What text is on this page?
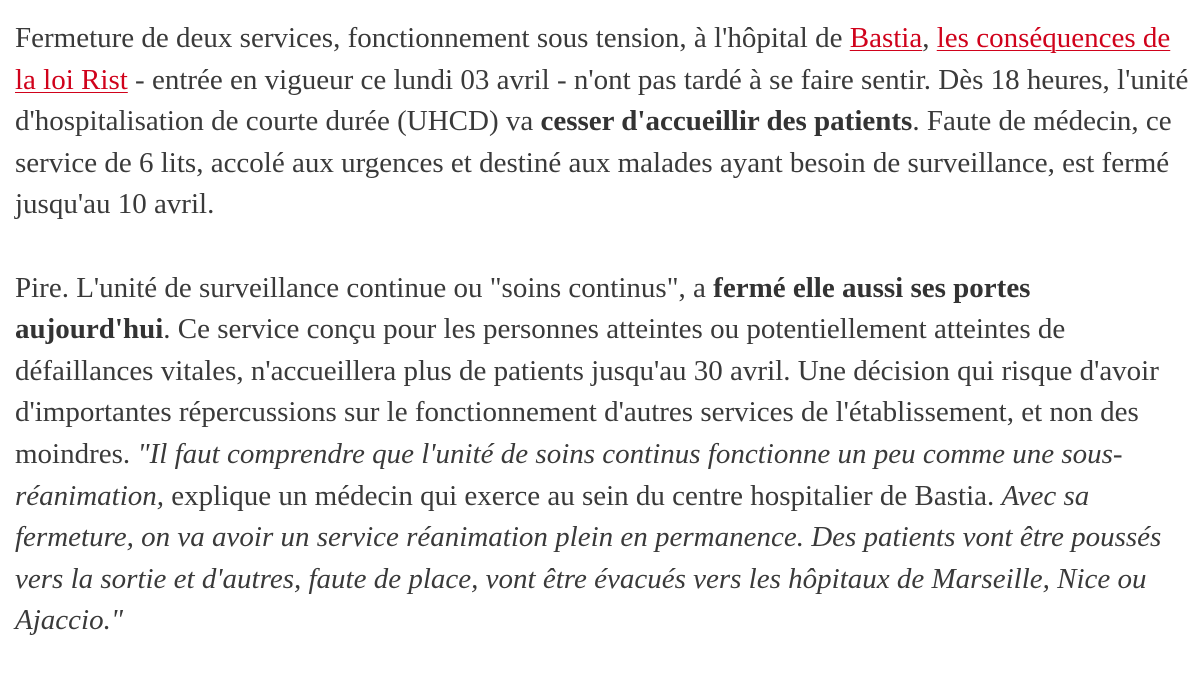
Fermeture de deux services, fonctionnement sous tension, à l'hôpital de Bastia, les conséquences de la loi Rist - entrée en vigueur ce lundi 03 avril - n'ont pas tardé à se faire sentir. Dès 18 heures, l'unité d'hospitalisation de courte durée (UHCD) va cesser d'accueillir des patients. Faute de médecin, ce service de 6 lits, accolé aux urgences et destiné aux malades ayant besoin de surveillance, est fermé jusqu'au 10 avril.

Pire. L'unité de surveillance continue ou "soins continus", a fermé elle aussi ses portes aujourd'hui. Ce service conçu pour les personnes atteintes ou potentiellement atteintes de défaillances vitales, n'accueillera plus de patients jusqu'au 30 avril. Une décision qui risque d'avoir d'importantes répercussions sur le fonctionnement d'autres services de l'établissement, et non des moindres. "Il faut comprendre que l'unité de soins continus fonctionne un peu comme une sous-réanimation, explique un médecin qui exerce au sein du centre hospitalier de Bastia. Avec sa fermeture, on va avoir un service réanimation plein en permanence. Des patients vont être poussés vers la sortie et d'autres, faute de place, vont être évacués vers les hôpitaux de Marseille, Nice ou Ajaccio."
